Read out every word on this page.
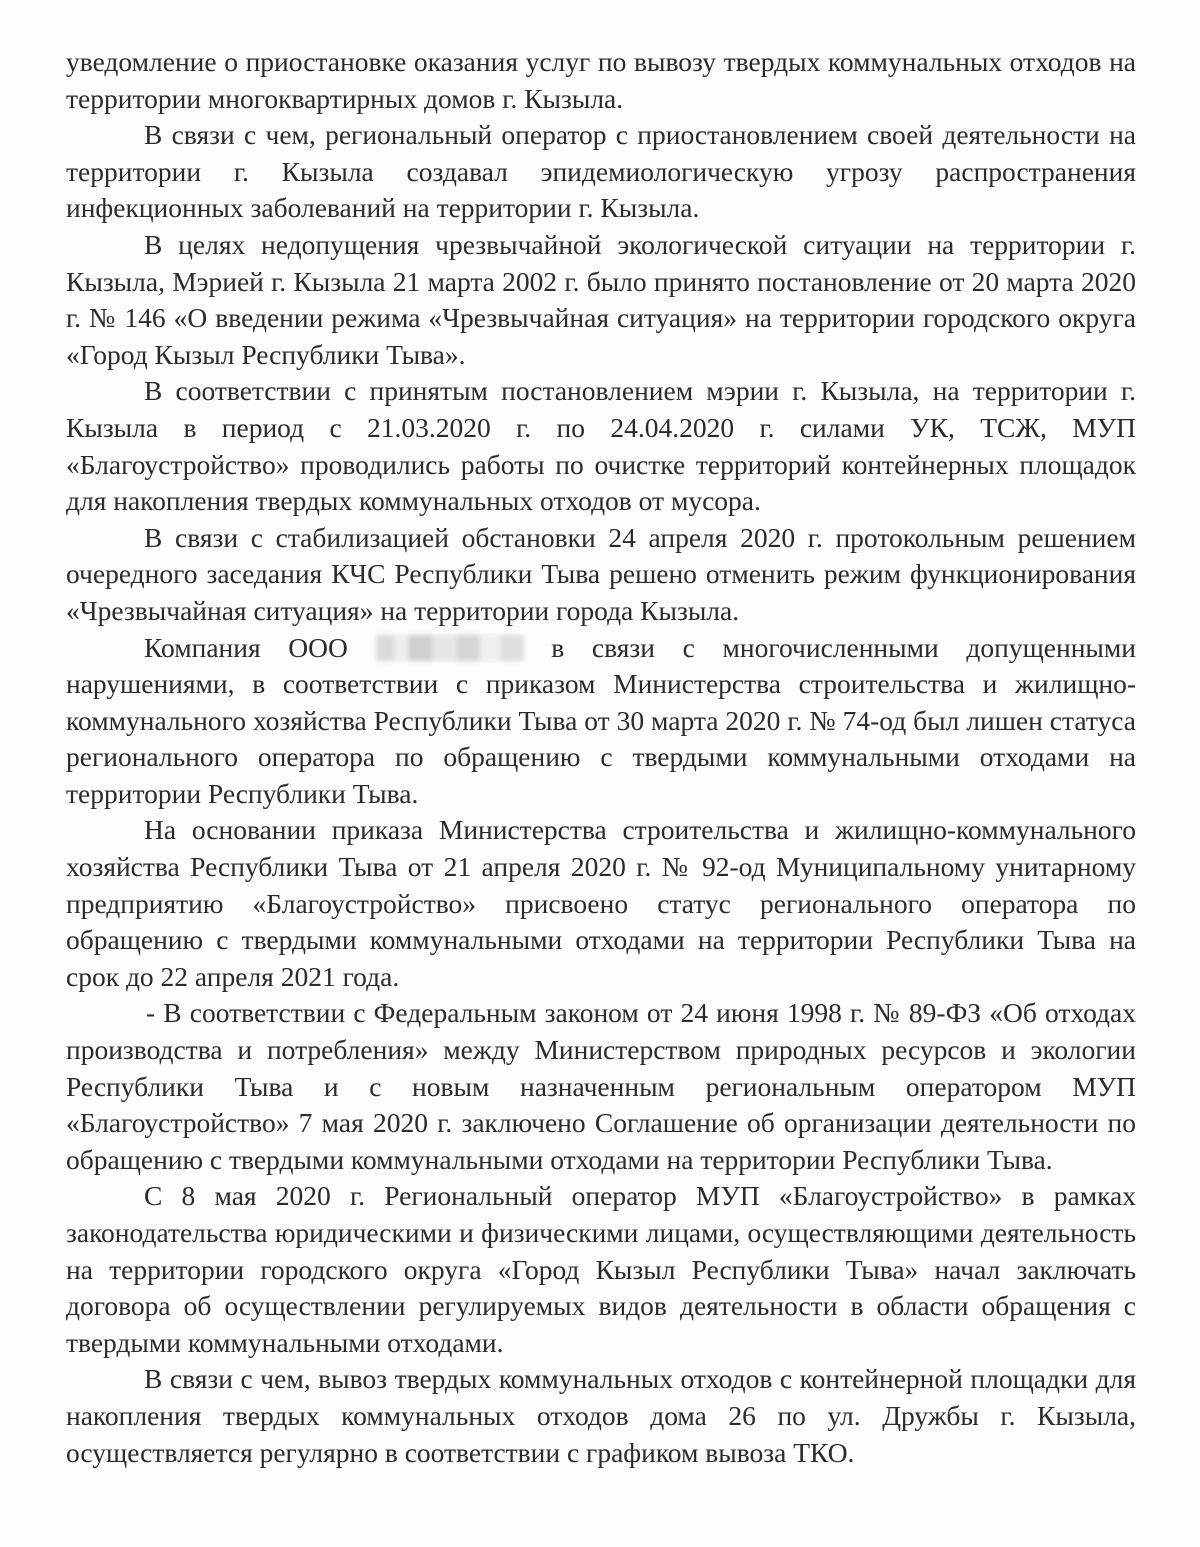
уведомление о приостановке оказания услуг по вывозу твердых коммунальных отходов на территории многоквартирных домов г. Кызыла.

В связи с чем, региональный оператор с приостановлением своей деятельности на территории г. Кызыла создавал эпидемиологическую угрозу распространения инфекционных заболеваний на территории г. Кызыла.

В целях недопущения чрезвычайной экологической ситуации на территории г. Кызыла, Мэрией г. Кызыла 21 марта 2002 г. было принято постановление от 20 марта 2020 г. № 146 «О введении режима «Чрезвычайная ситуация» на территории городского округа «Город Кызыл Республики Тыва».

В соответствии с принятым постановлением мэрии г. Кызыла, на территории г. Кызыла в период с 21.03.2020 г. по 24.04.2020 г. силами УК, ТСЖ, МУП «Благоустройство» проводились работы по очистке территорий контейнерных площадок для накопления твердых коммунальных отходов от мусора.

В связи с стабилизацией обстановки 24 апреля 2020 г. протокольным решением очередного заседания КЧС Республики Тыва решено отменить режим функционирования «Чрезвычайная ситуация» на территории города Кызыла.

Компания ООО	в связи с многочисленными допущенными нарушениями, в соответствии с приказом Министерства строительства и жилищно-коммунального хозяйства Республики Тыва от 30 марта 2020 г. № 74-од был лишен статуса регионального оператора по обращению с твердыми коммунальными отходами на территории Республики Тыва.

На основании приказа Министерства строительства и жилищно-коммунального хозяйства Республики Тыва от 21 апреля 2020 г. № 92-од Муниципальному унитарному предприятию «Благоустройство» присвоено статус регионального оператора по обращению с твердыми коммунальными отходами на территории Республики Тыва на срок до 22 апреля 2021 года.

- В соответствии с Федеральным законом от 24 июня 1998 г. № 89-ФЗ «Об отходах производства и потребления» между Министерством природных ресурсов и экологии Республики Тыва и с новым назначенным региональным оператором МУП «Благоустройство» 7 мая 2020 г. заключено Соглашение об организации деятельности по обращению с твердыми коммунальными отходами на территории Республики Тыва.

С 8 мая 2020 г. Региональный оператор МУП «Благоустройство» в рамках законодательства юридическими и физическими лицами, осуществляющими деятельность на территории городского округа «Город Кызыл Республики Тыва» начал заключать договора об осуществлении регулируемых видов деятельности в области обращения с твердыми коммунальными отходами.

В связи с чем, вывоз твердых коммунальных отходов с контейнерной площадки для накопления твердых коммунальных отходов дома 26 по ул. Дружбы г. Кызыла, осуществляется регулярно в соответствии с графиком вывоза ТКО.
